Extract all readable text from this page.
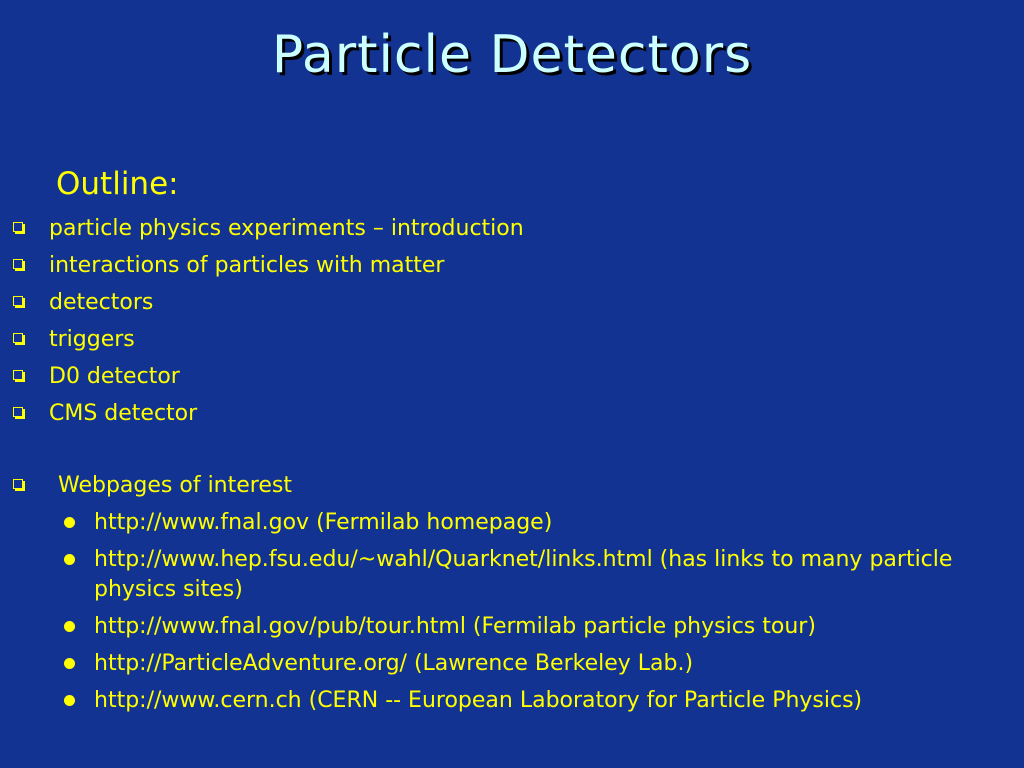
Particle Detectors
Outline:
particle physics experiments – introduction
interactions of particles with matter
detectors
triggers
D0 detector
CMS detector
Webpages of interest
http://www.fnal.gov (Fermilab homepage)
http://www.hep.fsu.edu/~wahl/Quarknet/links.html (has links to many particle physics sites)
http://www.fnal.gov/pub/tour.html (Fermilab particle physics tour)
http://ParticleAdventure.org/ (Lawrence Berkeley Lab.)
http://www.cern.ch (CERN -- European Laboratory for Particle Physics)
